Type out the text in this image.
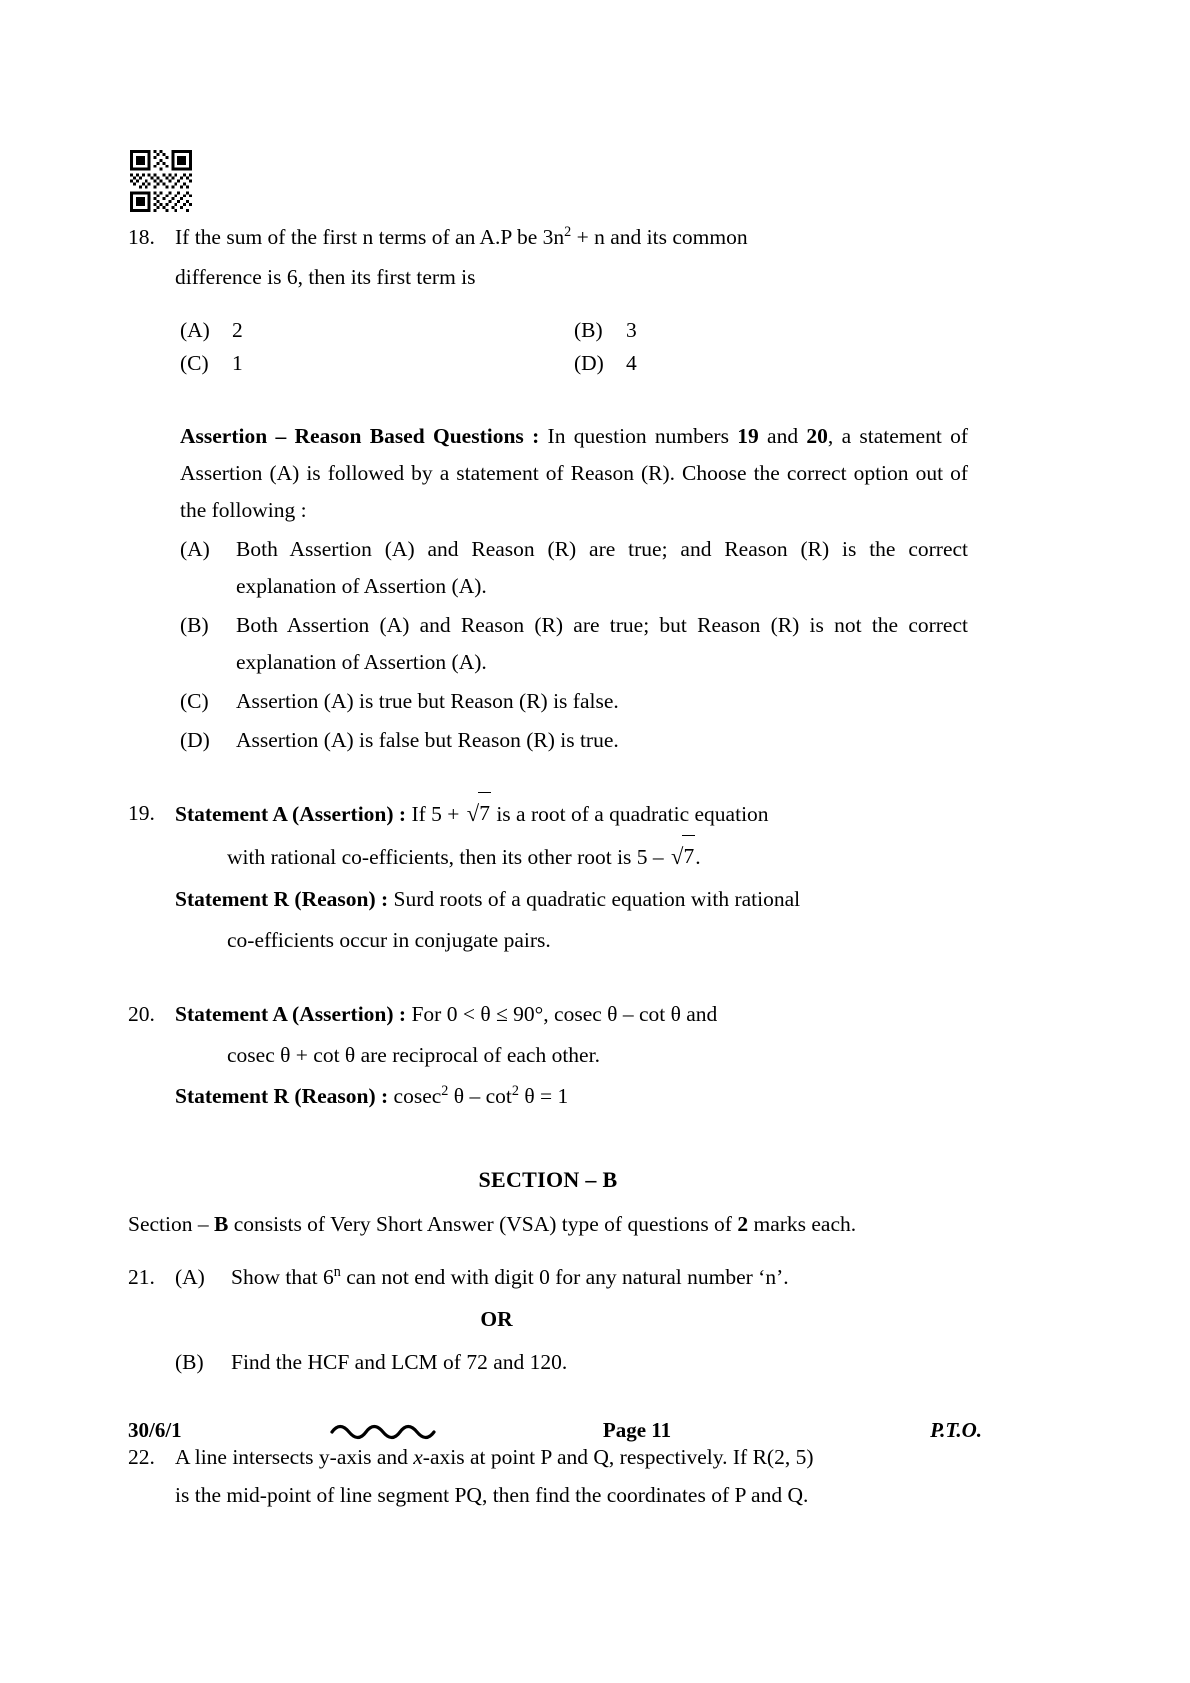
18. If the sum of the first n terms of an A.P be $3n^2 + n$ and its common
difference is 6, then its first term is
(A)	2	(B)	3
(C)	1	(D)	4
Assertion – Reason Based Questions : In question numbers 19 and 20, a statement of Assertion (A) is followed by a statement of Reason (R). Choose the correct option out of the following :
(A)	Both Assertion (A) and Reason (R) are true; and Reason (R) is the correct explanation of Assertion (A).
(B)	Both Assertion (A) and Reason (R) are true; but Reason (R) is not the correct explanation of Assertion (A).
(C)	Assertion (A) is true but Reason (R) is false.
(D)	Assertion (A) is false but Reason (R) is true.
19. Statement A (Assertion) : If 5 + √7 is a root of a quadratic equation
with rational co-efficients, then its other root is 5 – √7.
Statement R (Reason) : Surd roots of a quadratic equation with rational
co-efficients occur in conjugate pairs.
20. Statement A (Assertion) : For 0 < θ ≤ 90°, cosec θ – cot θ and
cosec θ + cot θ are reciprocal of each other.
Statement R (Reason) : cosec$^2$ $\theta - \cot^2 \theta = 1$
SECTION – B
Section – B consists of Very Short Answer (VSA) type of questions of 2 marks each.
21. (A)	Show that 6$^n$ can not end with digit 0 for any natural number ‘n’.
OR
(B)	Find the HCF and LCM of 72 and 120.
22. A line intersects y-axis and x-axis at point P and Q, respectively. If R(2, 5)
is the mid-point of line segment PQ, then find the coordinates of P and Q.
30/6/1	Page 11	P.T.O.
